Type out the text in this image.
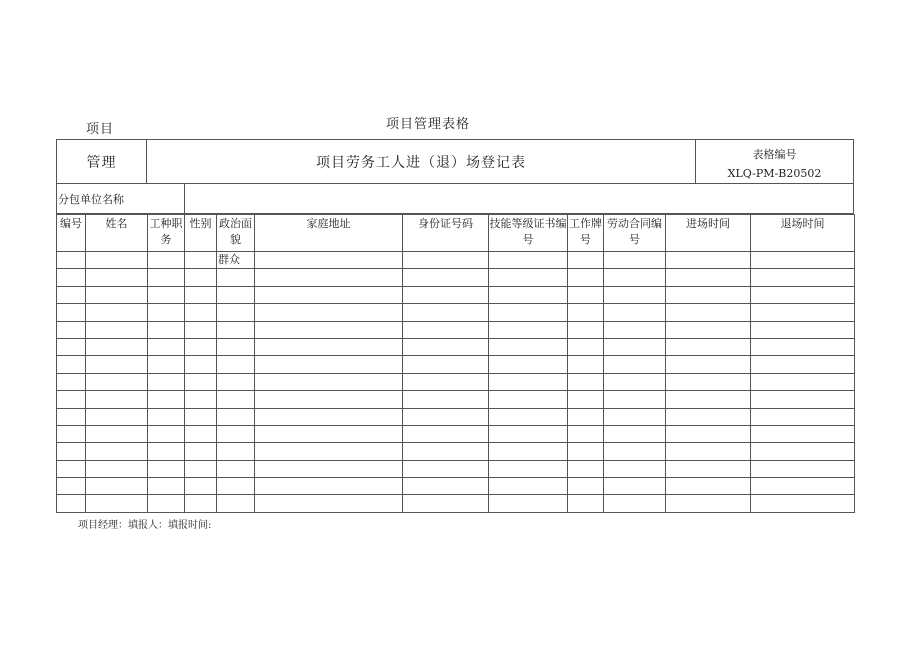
项目	项目管理表格
管理	项目劳务工人进（退）场登记表	表格编号
XLQ-PM-B20502
分包单位名称
编号	姓名	工种职务	性别	政治面貌	家庭地址	身份证号码	技能等级证书编号	工作牌号	劳动合同编号	进场时间	退场时间
				群众							

项目经理：填报人：填报时间:
